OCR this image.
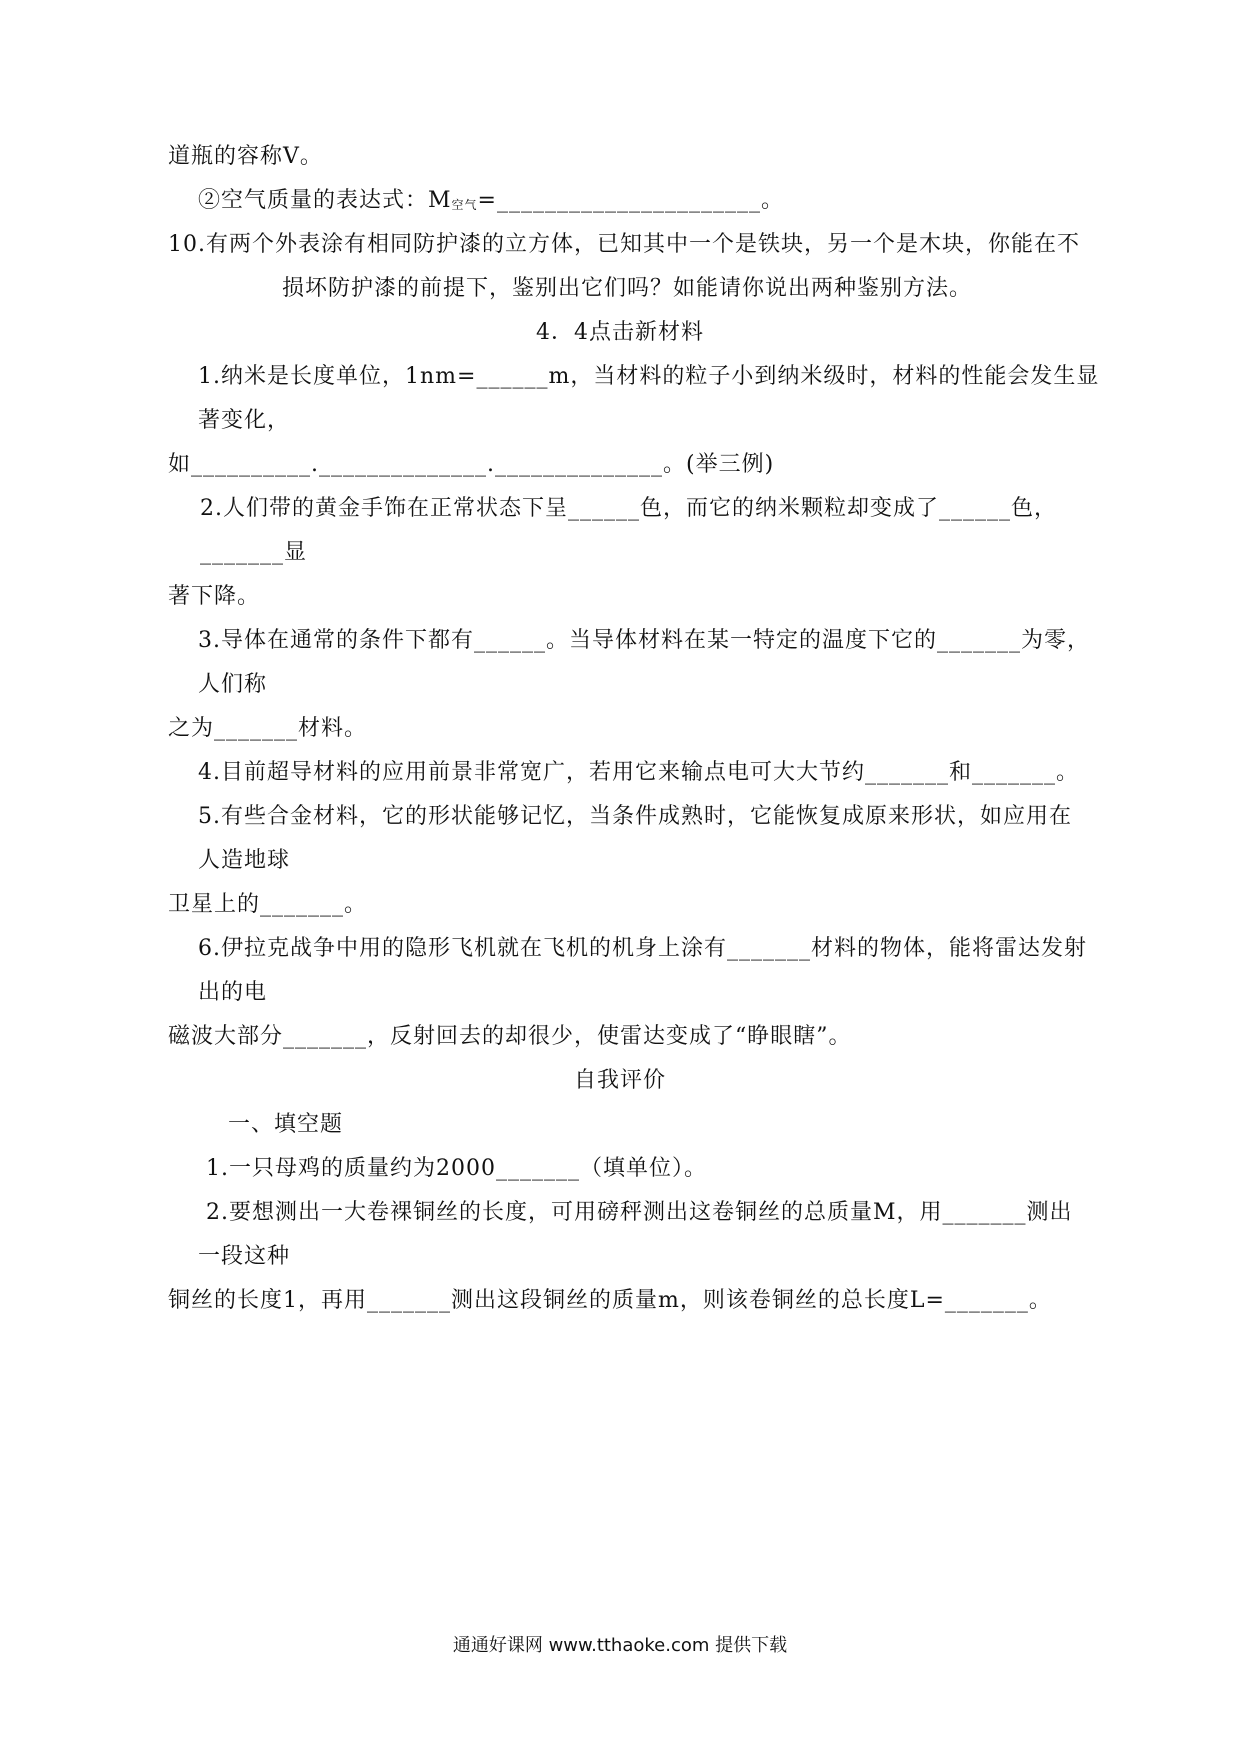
道瓶的容称V。
②空气质量的表达式：M空气=______________________。
10.有两个外表涂有相同防护漆的立方体，已知其中一个是铁块，另一个是木块，你能在不
损坏防护漆的前提下，鉴别出它们吗？如能请你说出两种鉴别方法。
4．4点击新材料
1.纳米是长度单位，1nm=______m，当材料的粒子小到纳米级时，材料的性能会发生显
著变化，
如__________.______________.______________。(举三例)
2.人们带的黄金手饰在正常状态下呈______色，而它的纳米颗粒却变成了______色，
_______显
著下降。
3.导体在通常的条件下都有______。当导体材料在某一特定的温度下它的_______为零，
人们称
之为_______材料。
4.目前超导材料的应用前景非常宽广，若用它来输点电可大大节约_______和_______。
5.有些合金材料，它的形状能够记忆，当条件成熟时，它能恢复成原来形状，如应用在
人造地球
卫星上的_______。
6.伊拉克战争中用的隐形飞机就在飞机的机身上涂有_______材料的物体，能将雷达发射
出的电
磁波大部分_______，反射回去的却很少，使雷达变成了“睁眼瞎”。
自我评价
一、填空题
1.一只母鸡的质量约为2000_______（填单位）。
2.要想测出一大卷裸铜丝的长度，可用磅秤测出这卷铜丝的总质量M，用_______测出
一段这种
铜丝的长度1，再用_______测出这段铜丝的质量m，则该卷铜丝的总长度L=_______。
通通好课网 www.tthaoke.com 提供下载
